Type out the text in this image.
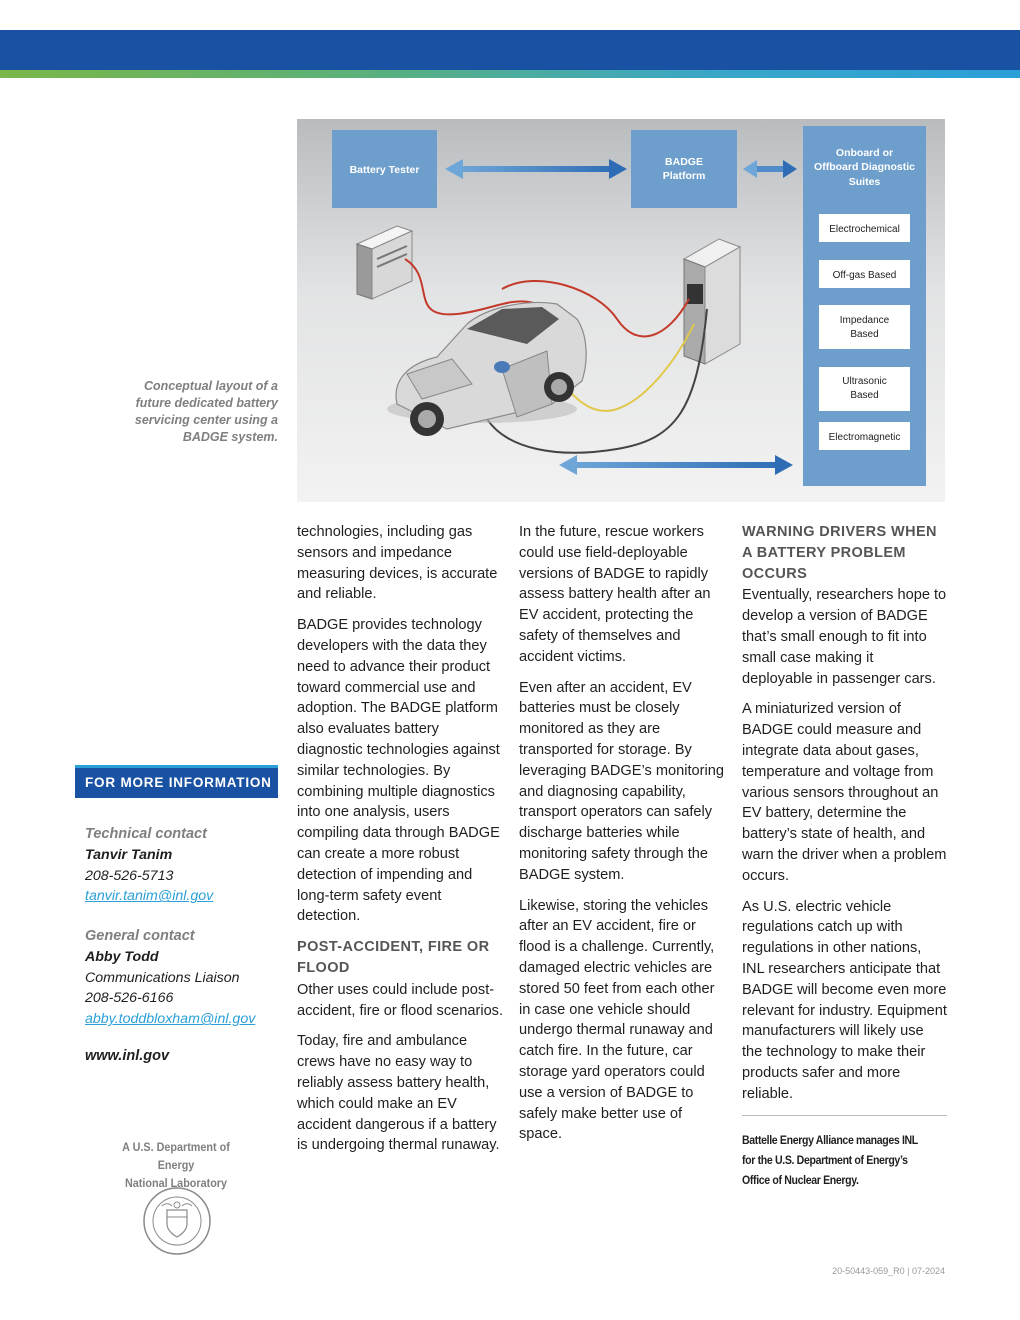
Battery Tester
BADGE
Platform
Onboard or
Offboard Diagnostic
Suites
Electrochemical
Off-gas Based
Impedance
Based
Ultrasonic
Based
Electromagnetic
Conceptual layout of a future dedicated battery servicing center using a BADGE system.

technologies, including gas sensors and impedance measuring devices, is accurate and reliable.

BADGE provides technology developers with the data they need to advance their product toward commercial use and adoption. The BADGE platform also evaluates battery diagnostic technologies against similar technologies. By combining multiple diagnostics into one analysis, users compiling data through BADGE can create a more robust detection of impending and long-term safety event detection.

POST-ACCIDENT, FIRE OR FLOOD

Other uses could include post-accident, fire or flood scenarios.

Today, fire and ambulance crews have no easy way to reliably assess battery health, which could make an EV accident dangerous if a battery is undergoing thermal runaway.

In the future, rescue workers could use field-deployable versions of BADGE to rapidly assess battery health after an EV accident, protecting the safety of themselves and accident victims.

Even after an accident, EV batteries must be closely monitored as they are transported for storage. By leveraging BADGE’s monitoring and diagnosing capability, transport operators can safely discharge batteries while monitoring safety through the BADGE system.

Likewise, storing the vehicles after an EV accident, fire or flood is a challenge. Currently, damaged electric vehicles are stored 50 feet from each other in case one vehicle should undergo thermal runaway and catch fire. In the future, car storage yard operators could use a version of BADGE to safely make better use of space.

WARNING DRIVERS WHEN A BATTERY PROBLEM OCCURS

Eventually, researchers hope to develop a version of BADGE that’s small enough to fit into small case making it deployable in passenger cars.

A miniaturized version of BADGE could measure and integrate data about gases, temperature and voltage from various sensors throughout an EV battery, determine the battery’s state of health, and warn the driver when a problem occurs.

As U.S. electric vehicle regulations catch up with regulations in other nations, INL researchers anticipate that BADGE will become even more relevant for industry. Equipment manufacturers will likely use the technology to make their products safer and more reliable.

Battelle Energy Alliance manages INL
for the U.S. Department of Energy’s
Office of Nuclear Energy.
FOR MORE INFORMATION
Technical contact
Tanvir Tanim
208-526-5713
tanvir.tanim@inl.gov
General contact
Abby Todd
Communications Liaison
208-526-6166
abby.toddbloxham@inl.gov
www.inl.gov
A U.S. Department of Energy
National Laboratory
20-50443-059_R0 | 07-2024
